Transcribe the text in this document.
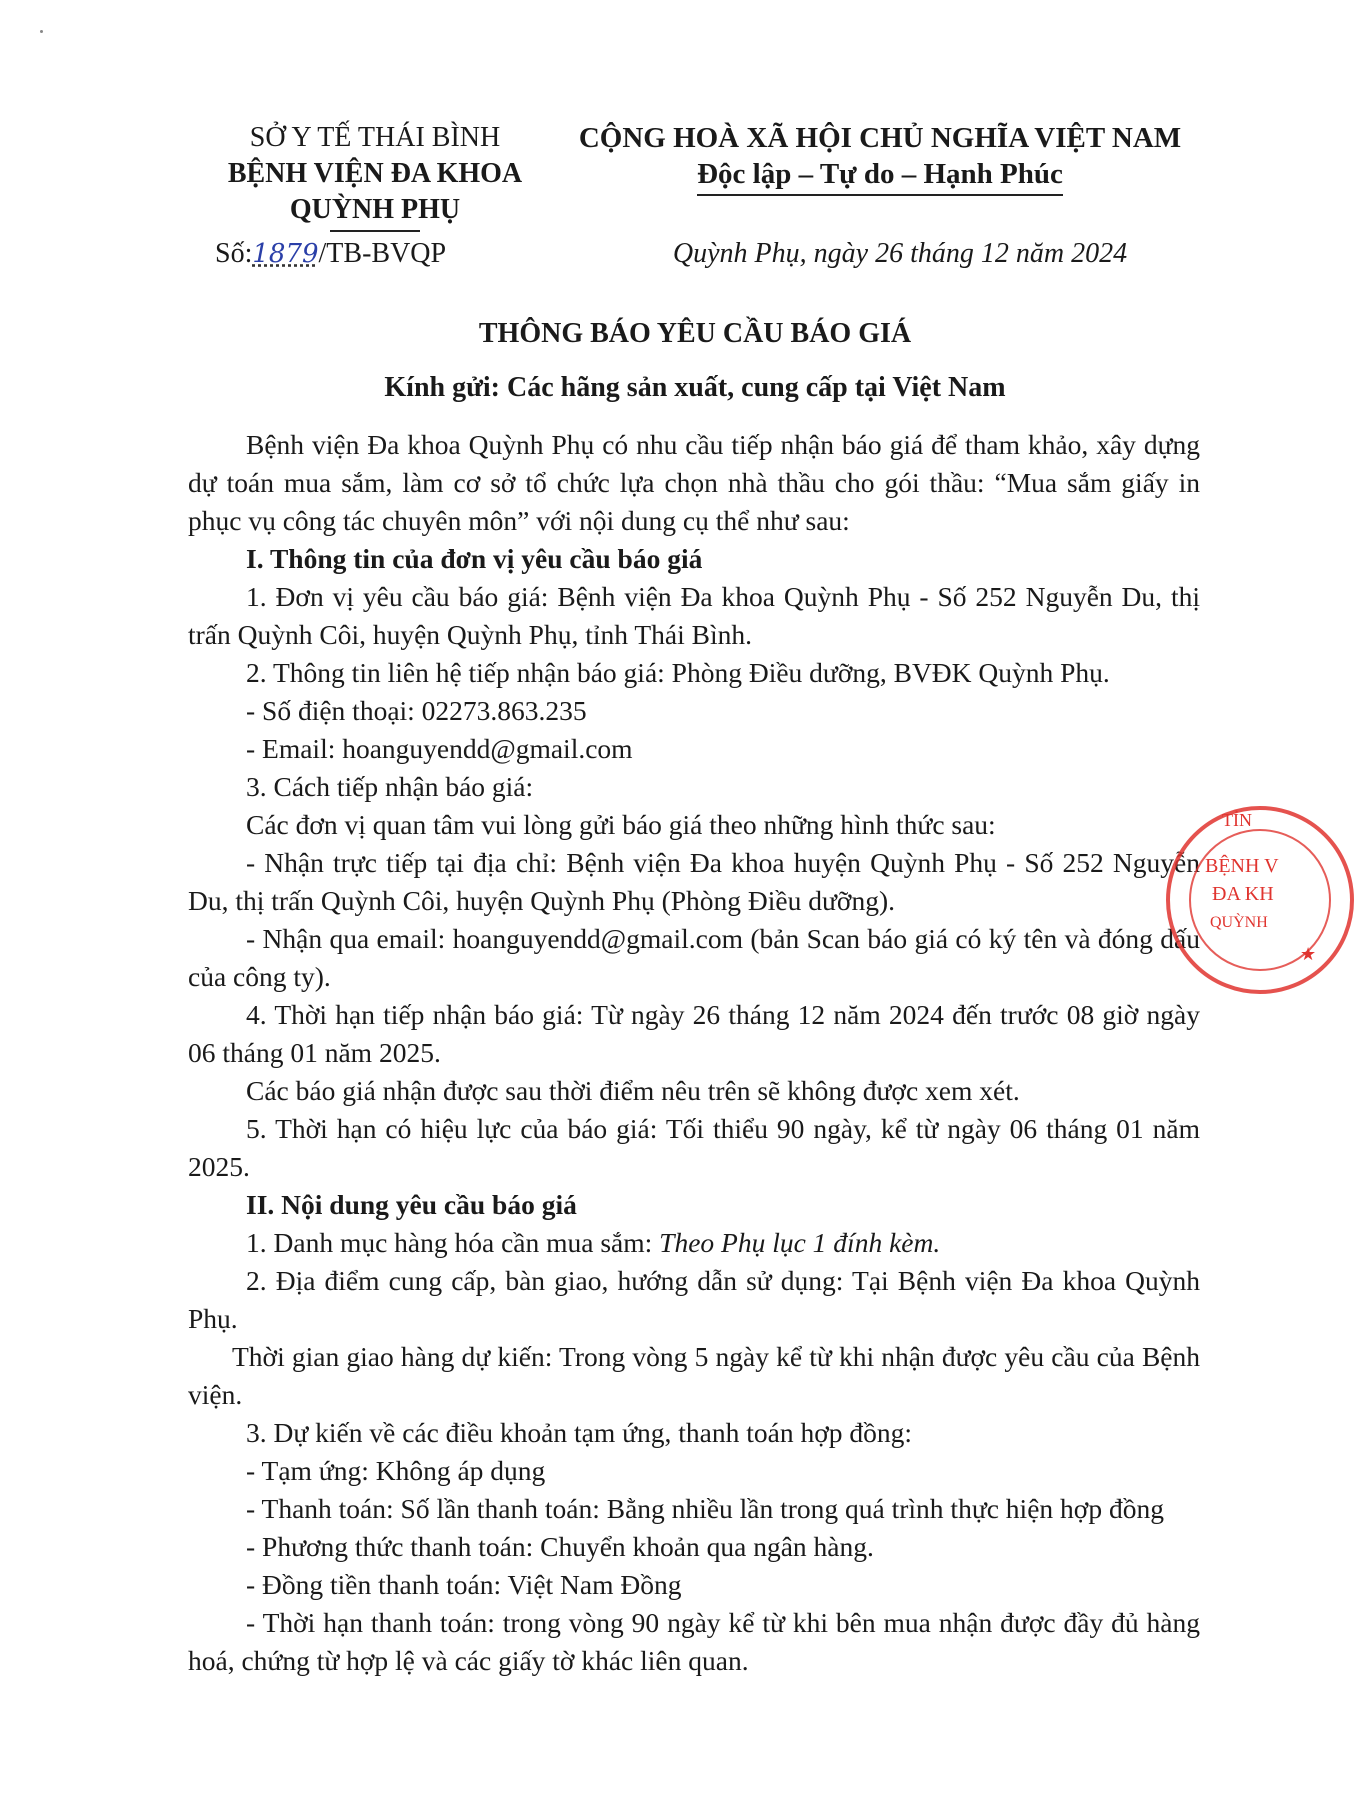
SỞ Y TẾ THÁI BÌNH
BỆNH VIỆN ĐA KHOA
QUỲNH PHỤ
CỘNG HOÀ XÃ HỘI CHỦ NGHĨA VIỆT NAM
Độc lập – Tự do – Hạnh Phúc
Số:1879/TB-BVQP	Quỳnh Phụ, ngày 26 tháng 12 năm 2024
THÔNG BÁO YÊU CẦU BÁO GIÁ
Kính gửi: Các hãng sản xuất, cung cấp tại Việt Nam

Bệnh viện Đa khoa Quỳnh Phụ có nhu cầu tiếp nhận báo giá để tham khảo, xây dựng dự toán mua sắm, làm cơ sở tổ chức lựa chọn nhà thầu cho gói thầu: “Mua sắm giấy in phục vụ công tác chuyên môn” với nội dung cụ thể như sau:

I. Thông tin của đơn vị yêu cầu báo giá

1. Đơn vị yêu cầu báo giá: Bệnh viện Đa khoa Quỳnh Phụ - Số 252 Nguyễn Du, thị trấn Quỳnh Côi, huyện Quỳnh Phụ, tỉnh Thái Bình.

2. Thông tin liên hệ tiếp nhận báo giá: Phòng Điều dưỡng, BVĐK Quỳnh Phụ.

- Số điện thoại: 02273.863.235

- Email: hoanguyendd@gmail.com

3. Cách tiếp nhận báo giá:

Các đơn vị quan tâm vui lòng gửi báo giá theo những hình thức sau:

- Nhận trực tiếp tại địa chỉ: Bệnh viện Đa khoa huyện Quỳnh Phụ - Số 252 Nguyễn Du, thị trấn Quỳnh Côi, huyện Quỳnh Phụ (Phòng Điều dưỡng).

- Nhận qua email: hoanguyendd@gmail.com (bản Scan báo giá có ký tên và đóng dấu của công ty).

4. Thời hạn tiếp nhận báo giá: Từ ngày 26 tháng 12 năm 2024 đến trước 08 giờ ngày 06 tháng 01 năm 2025.

Các báo giá nhận được sau thời điểm nêu trên sẽ không được xem xét.

5. Thời hạn có hiệu lực của báo giá: Tối thiểu 90 ngày, kể từ ngày 06 tháng 01 năm 2025.

II. Nội dung yêu cầu báo giá

1. Danh mục hàng hóa cần mua sắm: Theo Phụ lục 1 đính kèm.

2. Địa điểm cung cấp, bàn giao, hướng dẫn sử dụng: Tại Bệnh viện Đa khoa Quỳnh Phụ.

Thời gian giao hàng dự kiến: Trong vòng 5 ngày kể từ khi nhận được yêu cầu của Bệnh viện.

3. Dự kiến về các điều khoản tạm ứng, thanh toán hợp đồng:

- Tạm ứng: Không áp dụng

- Thanh toán: Số lần thanh toán: Bằng nhiều lần trong quá trình thực hiện hợp đồng

- Phương thức thanh toán: Chuyển khoản qua ngân hàng.

- Đồng tiền thanh toán: Việt Nam Đồng

- Thời hạn thanh toán: trong vòng 90 ngày kể từ khi bên mua nhận được đầy đủ hàng hoá, chứng từ hợp lệ và các giấy tờ khác liên quan.

TỈN
BỆNH V
ĐA KH
QUỲNH
★
